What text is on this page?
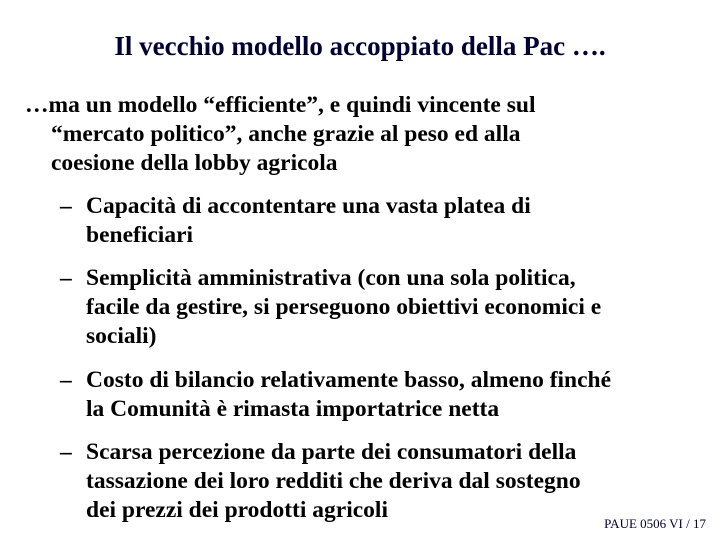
Il vecchio modello accoppiato della Pac ….
…ma un modello “efficiente”, e quindi vincente sul
“mercato politico”, anche grazie al peso ed alla
coesione della lobby agricola
– Capacità di accontentare una vasta platea di
beneficiari
– Semplicità amministrativa (con una sola politica,
facile da gestire, si perseguono obiettivi economici e
sociali)
– Costo di bilancio relativamente basso, almeno finché
la Comunità è rimasta importatrice netta
– Scarsa percezione da parte dei consumatori della
tassazione dei loro redditi che deriva dal sostegno
dei prezzi dei prodotti agricoli
PAUE 0506 VI / 17
